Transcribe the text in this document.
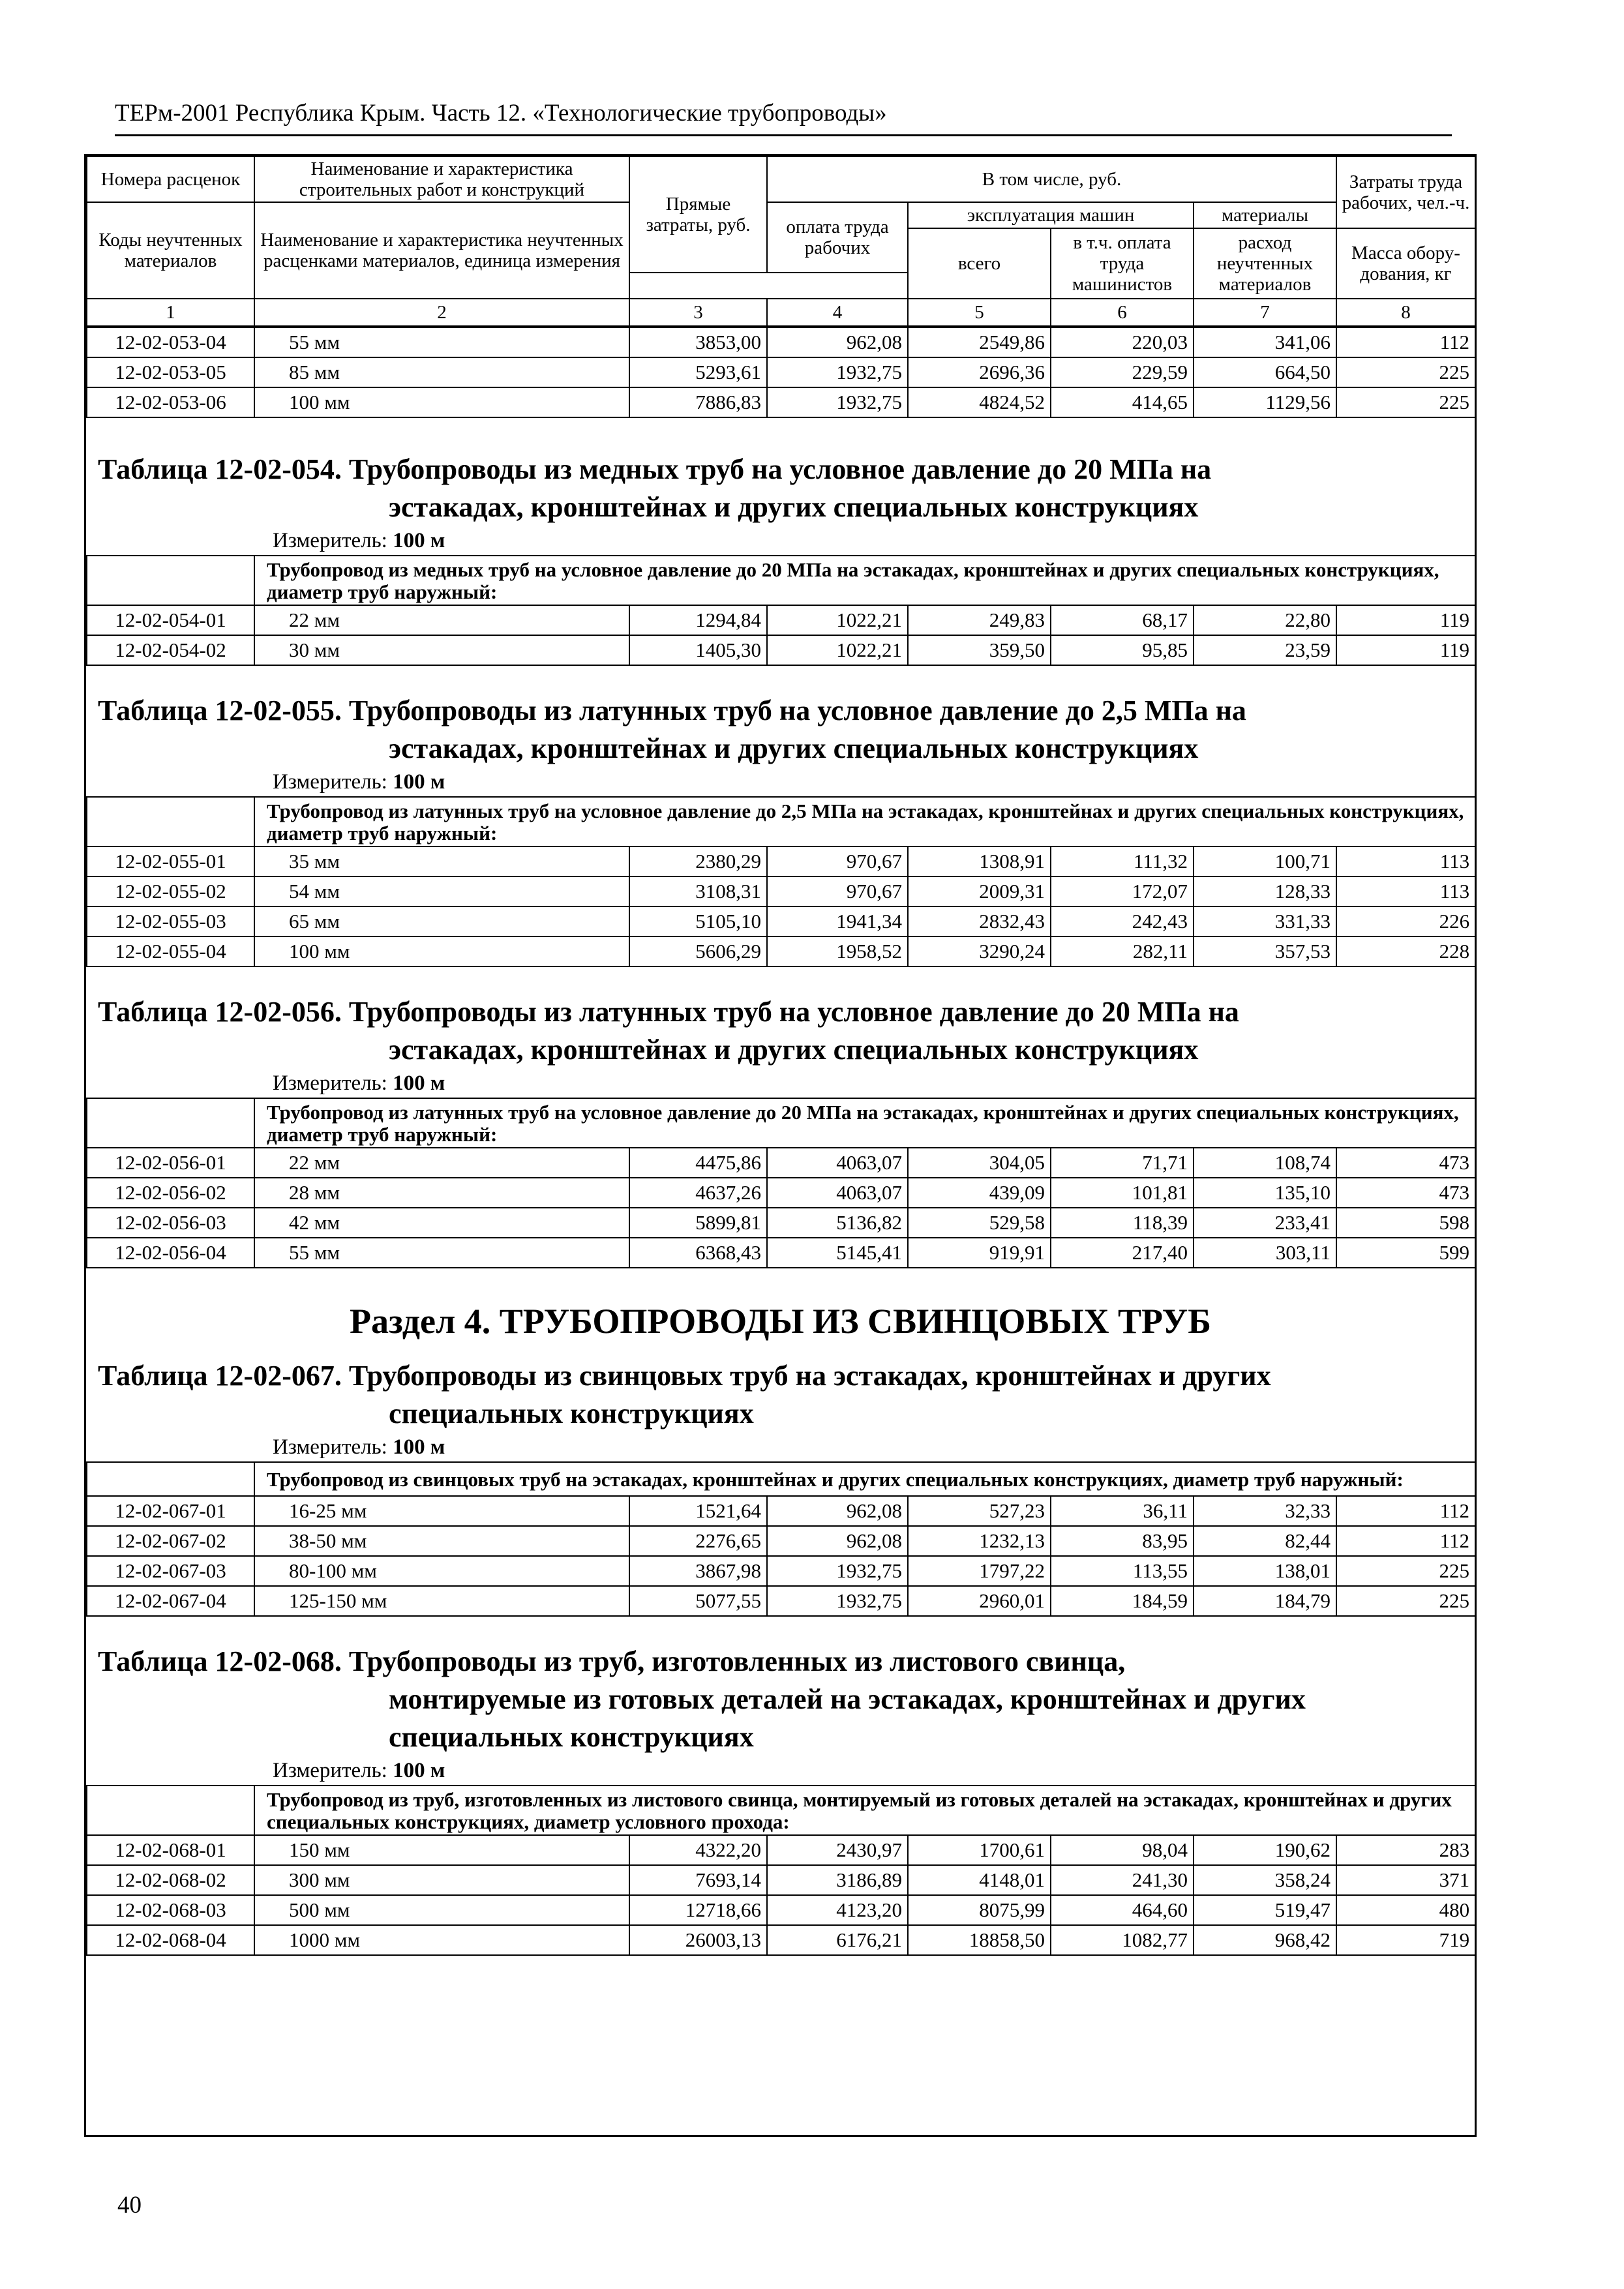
ТЕРм-2001 Республика Крым. Часть 12. «Технологические трубопроводы»
Номера расценок	Наименование и характеристика строительных работ и конструкций	Прямые затраты, руб.	В том числе, руб.				Затраты труда рабочих, чел.-ч.
Коды неучтенных материалов	Наименование и характеристика неучтенных расценками материалов, единица измерения		оплата труда рабочих	эксплуатация машин		материалы	
				всего	в т.ч. оплата труда машинистов	расход неучтенных материалов	Масса обору-дования, кг

1	2	3	4	5	6	7	8
12-02-053-04	55 мм	3853,00	962,08	2549,86	220,03	341,06	112
12-02-053-05	85 мм	5293,61	1932,75	2696,36	229,59	664,50	225
12-02-053-06	100 мм	7886,83	1932,75	4824,52	414,65	1129,56	225
Таблица 12-02-054. Трубопроводы из медных труб на условное давление до 20 МПа на
эстакадах, кронштейнах и других специальных конструкциях
Измеритель: 100 м
	Трубопровод из медных труб на условное давление до 20 МПа на эстакадах, кронштейнах и других специальных конструкциях, диаметр труб наружный:						
12-02-054-01	22 мм	1294,84	1022,21	249,83	68,17	22,80	119
12-02-054-02	30 мм	1405,30	1022,21	359,50	95,85	23,59	119
Таблица 12-02-055. Трубопроводы из латунных труб на условное давление до 2,5 МПа на
эстакадах, кронштейнах и других специальных конструкциях
Измеритель: 100 м
	Трубопровод из латунных труб на условное давление до 2,5 МПа на эстакадах, кронштейнах и других специальных конструкциях, диаметр труб наружный:						
12-02-055-01	35 мм	2380,29	970,67	1308,91	111,32	100,71	113
12-02-055-02	54 мм	3108,31	970,67	2009,31	172,07	128,33	113
12-02-055-03	65 мм	5105,10	1941,34	2832,43	242,43	331,33	226
12-02-055-04	100 мм	5606,29	1958,52	3290,24	282,11	357,53	228
Таблица 12-02-056. Трубопроводы из латунных труб на условное давление до 20 МПа на
эстакадах, кронштейнах и других специальных конструкциях
Измеритель: 100 м
	Трубопровод из латунных труб на условное давление до 20 МПа на эстакадах, кронштейнах и других специальных конструкциях, диаметр труб наружный:						
12-02-056-01	22 мм	4475,86	4063,07	304,05	71,71	108,74	473
12-02-056-02	28 мм	4637,26	4063,07	439,09	101,81	135,10	473
12-02-056-03	42 мм	5899,81	5136,82	529,58	118,39	233,41	598
12-02-056-04	55 мм	6368,43	5145,41	919,91	217,40	303,11	599
Раздел 4. ТРУБОПРОВОДЫ ИЗ СВИНЦОВЫХ ТРУБ
Таблица 12-02-067. Трубопроводы из свинцовых труб на эстакадах, кронштейнах и других
специальных конструкциях
Измеритель: 100 м
	Трубопровод из свинцовых труб на эстакадах, кронштейнах и других специальных конструкциях, диаметр труб наружный:						
12-02-067-01	16-25 мм	1521,64	962,08	527,23	36,11	32,33	112
12-02-067-02	38-50 мм	2276,65	962,08	1232,13	83,95	82,44	112
12-02-067-03	80-100 мм	3867,98	1932,75	1797,22	113,55	138,01	225
12-02-067-04	125-150 мм	5077,55	1932,75	2960,01	184,59	184,79	225
Таблица 12-02-068. Трубопроводы из труб, изготовленных из листового свинца,
монтируемые из готовых деталей на эстакадах, кронштейнах и других
специальных конструкциях
Измеритель: 100 м
	Трубопровод из труб, изготовленных из листового свинца, монтируемый из готовых деталей на эстакадах, кронштейнах и других специальных конструкциях, диаметр условного прохода:						
12-02-068-01	150 мм	4322,20	2430,97	1700,61	98,04	190,62	283
12-02-068-02	300 мм	7693,14	3186,89	4148,01	241,30	358,24	371
12-02-068-03	500 мм	12718,66	4123,20	8075,99	464,60	519,47	480
12-02-068-04	1000 мм	26003,13	6176,21	18858,50	1082,77	968,42	719
40
